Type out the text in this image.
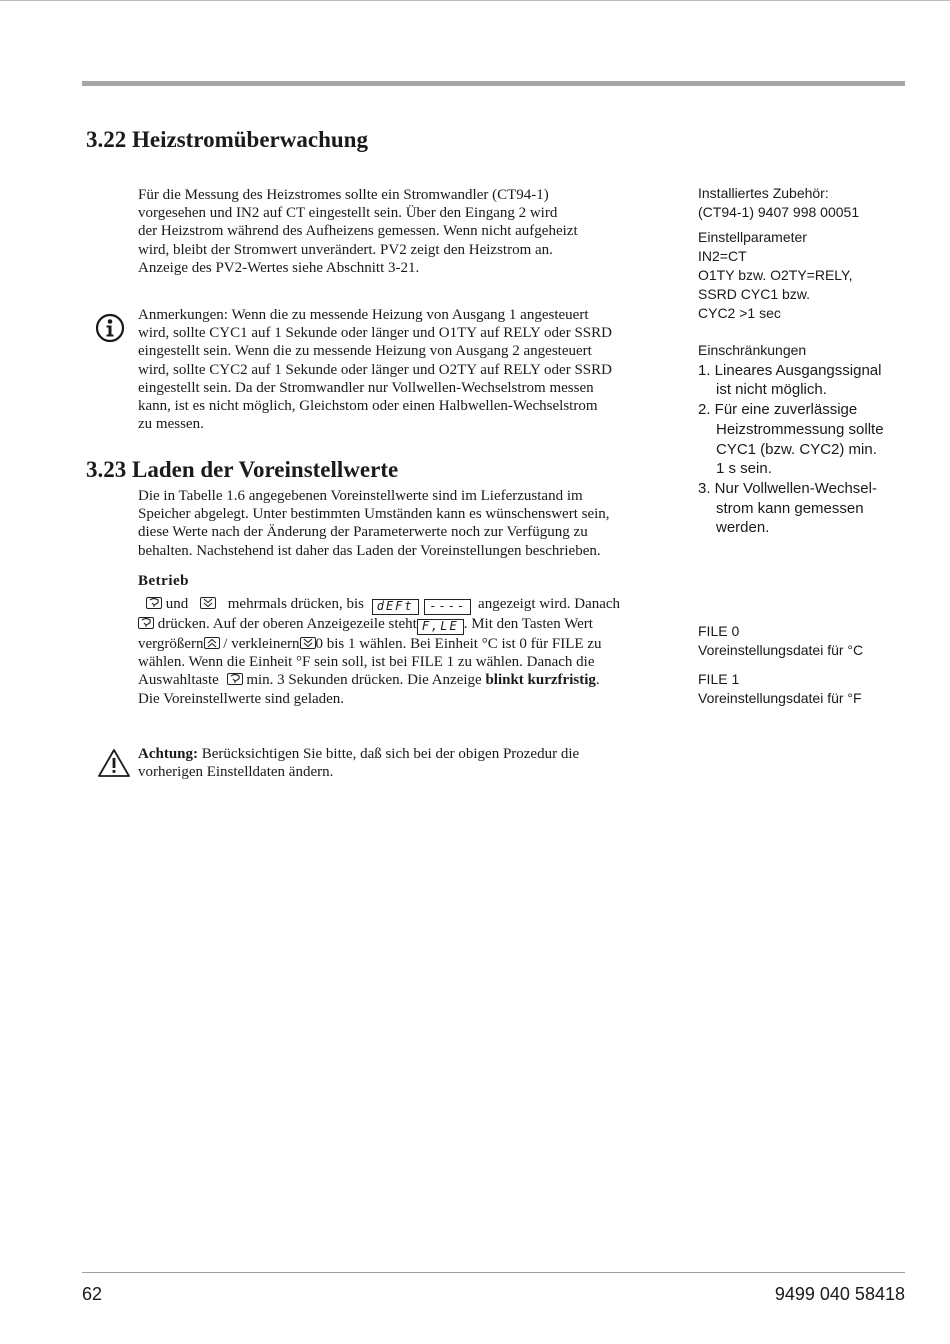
3.22 Heizstromüberwachung
Für die Messung des Heizstromes sollte ein Stromwandler (CT94-1)
vorgesehen und IN2 auf CT eingestellt sein. Über den Eingang 2 wird
der Heizstrom während des Aufheizens gemessen. Wenn nicht aufgeheizt
wird, bleibt der Stromwert unverändert. PV2 zeigt den Heizstrom an.
Anzeige des PV2-Wertes siehe Abschnitt 3-21.
Anmerkungen: Wenn die zu messende Heizung von Ausgang 1 angesteuert
wird, sollte CYC1 auf 1 Sekunde oder länger und O1TY auf RELY oder SSRD
eingestellt sein. Wenn die zu messende Heizung von Ausgang 2 angesteuert
wird, sollte CYC2 auf 1 Sekunde oder länger und O2TY auf RELY oder SSRD
eingestellt sein. Da der Stromwandler nur Vollwellen-Wechselstrom messen
kann, ist es nicht möglich, Gleichstom oder einen Halbwellen-Wechselstrom
zu messen.
3.23 Laden der Voreinstellwerte
Die in Tabelle 1.6 angegebenen Voreinstellwerte sind im Lieferzustand im
Speicher abgelegt. Unter bestimmten Umständen kann es wünschenswert sein,
diese Werte nach der Änderung der Parameterwerte noch zur Verfügung zu
behalten. Nachstehend ist daher das Laden der Voreinstellungen beschrieben.
Betrieb
und	mehrmals drücken, bis dEFt ---- angezeigt wird. Danach
drücken. Auf der oberen Anzeigezeile steht F,LE . Mit den Tasten Wert
vergrößern / verkleinern 0 bis 1 wählen. Bei Einheit °C ist 0 für FILE zu
wählen. Wenn die Einheit °F sein soll, ist bei FILE 1 zu wählen. Danach die
Auswahltaste min. 3 Sekunden drücken. Die Anzeige blinkt kurzfristig.
Die Voreinstellwerte sind geladen.
Achtung: Berücksichtigen Sie bitte, daß sich bei der obigen Prozedur die
vorherigen Einstelldaten ändern.
Installiertes Zubehör:
(CT94-1) 9407 998 00051
Einstellparameter
IN2=CT
O1TY bzw. O2TY=RELY,
SSRD CYC1 bzw.
CYC2 >1 sec
Einschränkungen
1. Lineares Ausgangssignal
ist nicht möglich.
2. Für eine zuverlässige
Heizstrommessung sollte
CYC1 (bzw. CYC2) min.
1 s sein.
3. Nur Vollwellen-Wechsel-
strom kann gemessen
werden.
FILE 0
Voreinstellungsdatei für °C
FILE 1
Voreinstellungsdatei für °F
62	9499 040 58418
